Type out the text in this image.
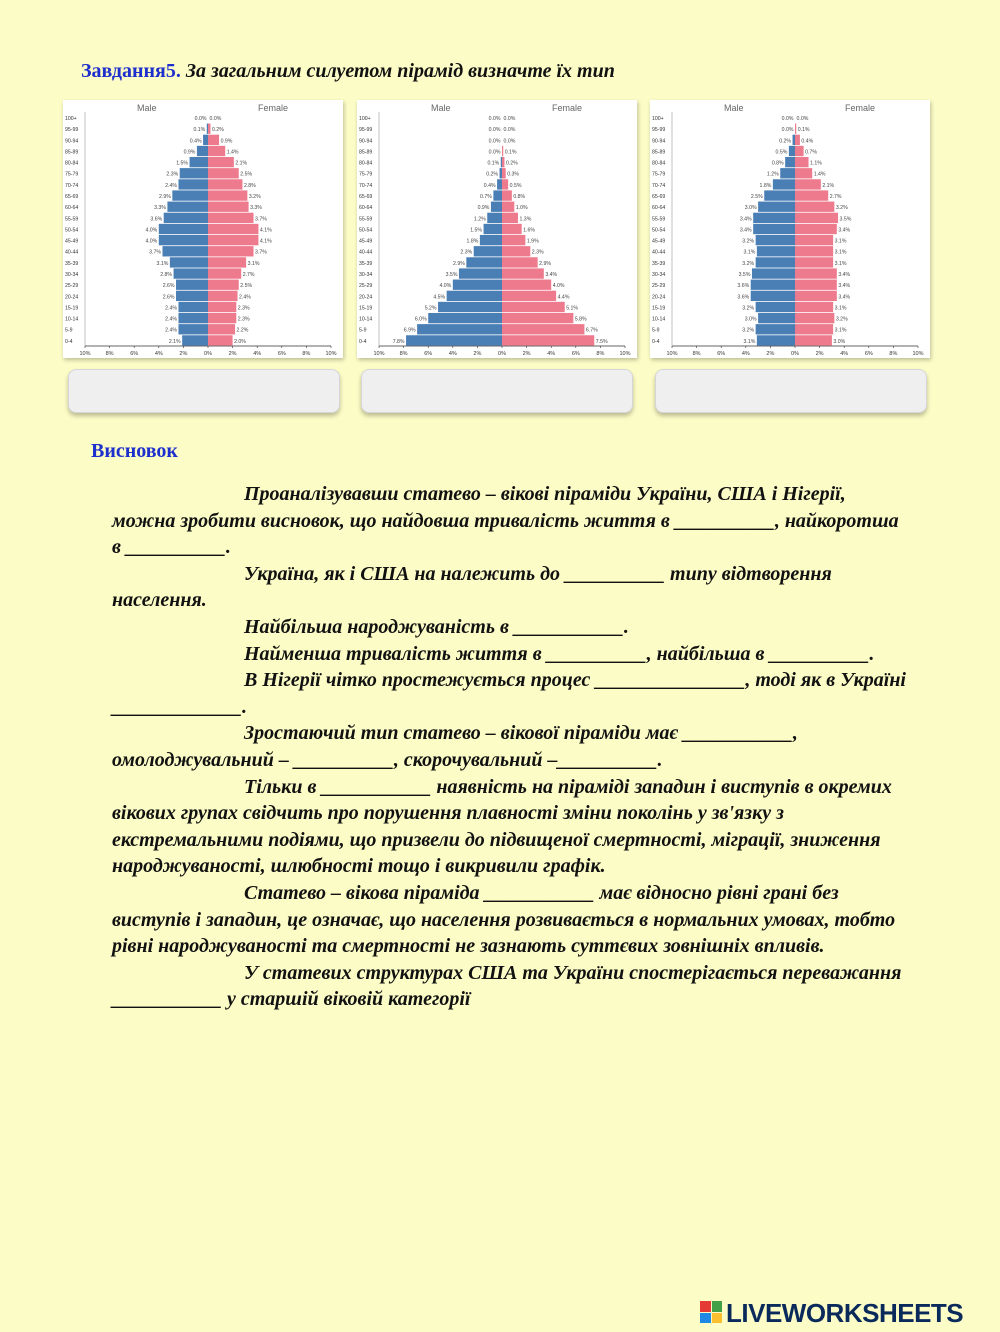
Завдання5. За загальним силуетом пірамід визначте їх тип
Male	Female
100+	0.0% 0.0%
95-99	0.1% 0.2%
90-94	0.4%	0.9%
85-89	0.9%	1.4%
80-84	1.5%	2.1%
75-79	2.3%	2.5%
70-74	2.4%	2.8%
65-69	2.9%	3.2%
60-64	3.3%	3.3%
55-59	3.6%	3.7%
50-54	4.0%	4.1%
45-49	4.0%	4.1%
40-44	3.7%	3.7%
35-39	3.1%	3.1%
30-34	2.8%	2.7%
25-29	2.6%	2.5%
20-24	2.6%	2.4%
15-19	2.4%	2.3%
10-14	2.4%	2.3%
5-9	2.4%	2.2%
0-4	2.1%	2.0%
10%	8%	6%	4%	2%	0%	2%	4%	6%	8%	10%
Male	Female
100+	0.0% 0.0%
95-99	0.0% 0.0%
90-94	0.0% 0.0%
85-89	0.0% 0.1%
80-84	0.1% 0.2%
75-79	0.2% 0.3%
70-74	0.4%	0.5%
65-69	0.7%	0.8%
60-64	0.9%	1.0%
55-59	1.2%	1.3%
50-54	1.5%	1.6%
45-49	1.8%	1.9%
40-44	2.3%	2.3%
35-39	2.9%	2.9%
30-34	3.5%	3.4%
25-29	4.0%	4.0%
20-24	4.5%	4.4%
15-19	5.2%	5.1%
10-14	6.0%	5.8%
5-9	6.9%	6.7%
0-4	7.8%	7.5%
10%	8%	6%	4%	2%	0%	2%	4%	6%	8%	10%
Male	Female
100+	0.0% 0.0%
95-99	0.0% 0.1%
90-94	0.2% 0.4%
85-89	0.5%	0.7%
80-84	0.8%	1.1%
75-79	1.2%	1.4%
70-74	1.8%	2.1%
65-69	2.5%	2.7%
60-64	3.0%	3.2%
55-59	3.4%	3.5%
50-54	3.4%	3.4%
45-49	3.2%	3.1%
40-44	3.1%	3.1%
35-39	3.2%	3.1%
30-34	3.5%	3.4%
25-29	3.6%	3.4%
20-24	3.6%	3.4%
15-19	3.2%	3.1%
10-14	3.0%	3.2%
5-9	3.2%	3.1%
0-4	3.1%	3.0%
10%	8%	6%	4%	2%	0%	2%	4%	6%	8%	10%
Висновок
Проаналізувавши статево – вікові піраміди України, США і Нігерії, можна зробити висновок, що найдовша тривалість життя в __________, найкоротша в __________.
Україна, як і США на належить до __________ типу відтворення населення.
Найбільша народжуваність в ___________.
Найменша тривалість життя в __________, найбільша в __________.
В Нігерії чітко простежується процес _______________, тоді як в Україні _____________.
Зростаючий тип статево – вікової піраміди має ___________, омолоджувальний – __________, скорочувальний –__________.
Тільки в ___________ наявність на піраміді западин і виступів в окремих вікових групах свідчить про порушення плавності зміни поколінь у зв'язку з екстремальними подіями, що призвели до підвищеної смертності, міграції, зниження народжуваності, шлюбності тощо і викривили графік.
Статево – вікова піраміда ___________ має відносно рівні грані без виступів і западин, це означає, що населення розвивається в нормальних умовах, тобто рівні народжуваності та смертності не зазнають суттєвих зовнішніх впливів.
У статевих структурах США та України спостерігається переважання ___________ у старшій віковій категорії
LIVEWORKSHEETS
